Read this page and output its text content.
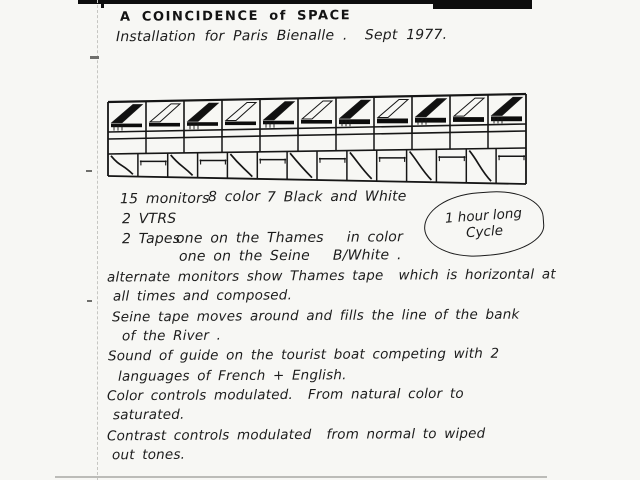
A COINCIDENCE of SPACE
Installation for Paris Bienalle .  Sept 1977.
15 monitors
8 color 7 Black and White
2 VTRS
2 Tapes
one on the Thames   in color
one on the Seine   B/White .
1 hour long
Cycle
alternate monitors show Thames tape  which is horizontal at
all times and composed.
Seine tape moves around and fills the line of the bank
of the River .
Sound of guide on the tourist boat competing with 2
languages of French + English.
Color controls modulated.  From natural color to
saturated.
Contrast controls modulated  from normal to wiped
out tones.
